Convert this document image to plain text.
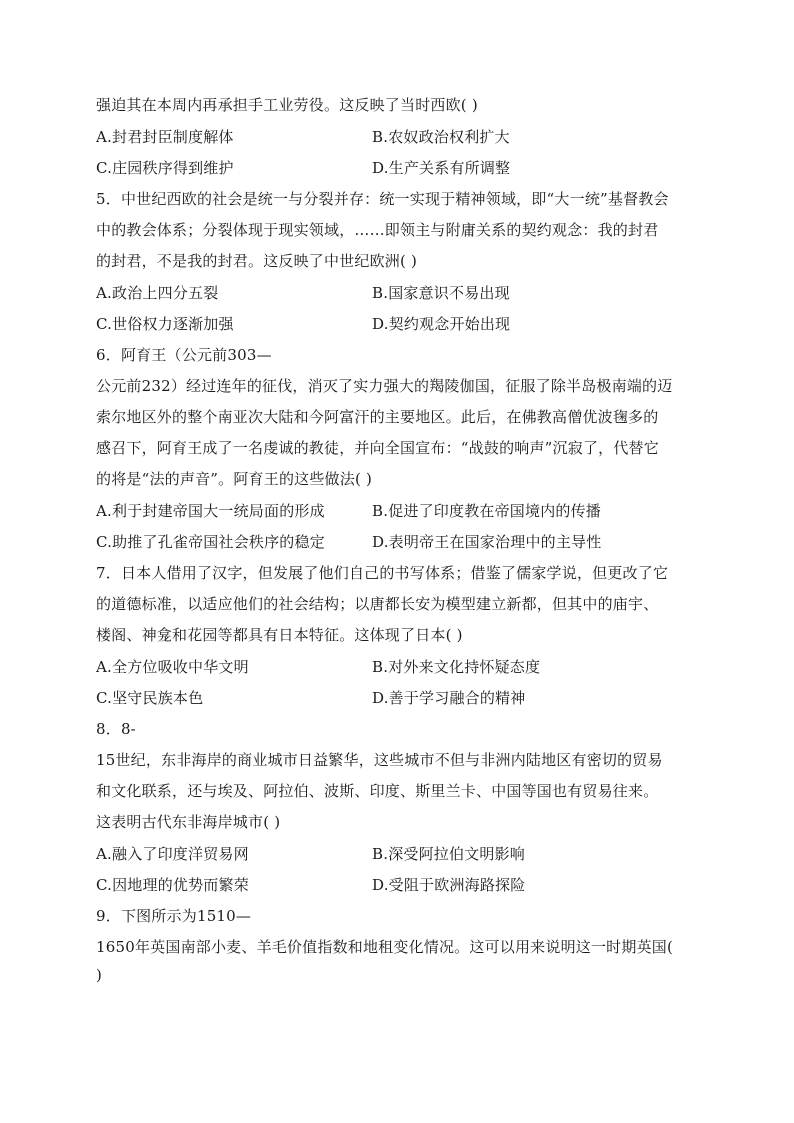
强迫其在本周内再承担手工业劳役。这反映了当时西欧( )
A.封君封臣制度解体	B.农奴政治权利扩大
C.庄园秩序得到维护	D.生产关系有所调整
5．中世纪西欧的社会是统一与分裂并存：统一实现于精神领域，即“大一统”基督教会
中的教会体系；分裂体现于现实领域，……即领主与附庸关系的契约观念：我的封君
的封君，不是我的封君。这反映了中世纪欧洲( )
A.政治上四分五裂	B.国家意识不易出现
C.世俗权力逐渐加强	D.契约观念开始出现
6．阿育王（公元前303—
公元前232）经过连年的征伐，消灭了实力强大的羯陵伽国，征服了除半岛极南端的迈
索尔地区外的整个南亚次大陆和今阿富汗的主要地区。此后，在佛教高僧优波毱多的
感召下，阿育王成了一名虔诚的教徒，并向全国宣布：“战鼓的响声”沉寂了，代替它
的将是“法的声音”。阿育王的这些做法( )
A.利于封建帝国大一统局面的形成	B.促进了印度教在帝国境内的传播
C.助推了孔雀帝国社会秩序的稳定	D.表明帝王在国家治理中的主导性
7．日本人借用了汉字，但发展了他们自己的书写体系；借鉴了儒家学说，但更改了它
的道德标准，以适应他们的社会结构；以唐都长安为模型建立新都，但其中的庙宇、
楼阁、神龛和花园等都具有日本特征。这体现了日本( )
A.全方位吸收中华文明	B.对外来文化持怀疑态度
C.坚守民族本色	D.善于学习融合的精神
8．8-
15世纪，东非海岸的商业城市日益繁华，这些城市不但与非洲内陆地区有密切的贸易
和文化联系，还与埃及、阿拉伯、波斯、印度、斯里兰卡、中国等国也有贸易往来。
这表明古代东非海岸城市( )
A.融入了印度洋贸易网	B.深受阿拉伯文明影响
C.因地理的优势而繁荣	D.受阻于欧洲海路探险
9．下图所示为1510—
1650年英国南部小麦、羊毛价值指数和地租变化情况。这可以用来说明这一时期英国(
)
